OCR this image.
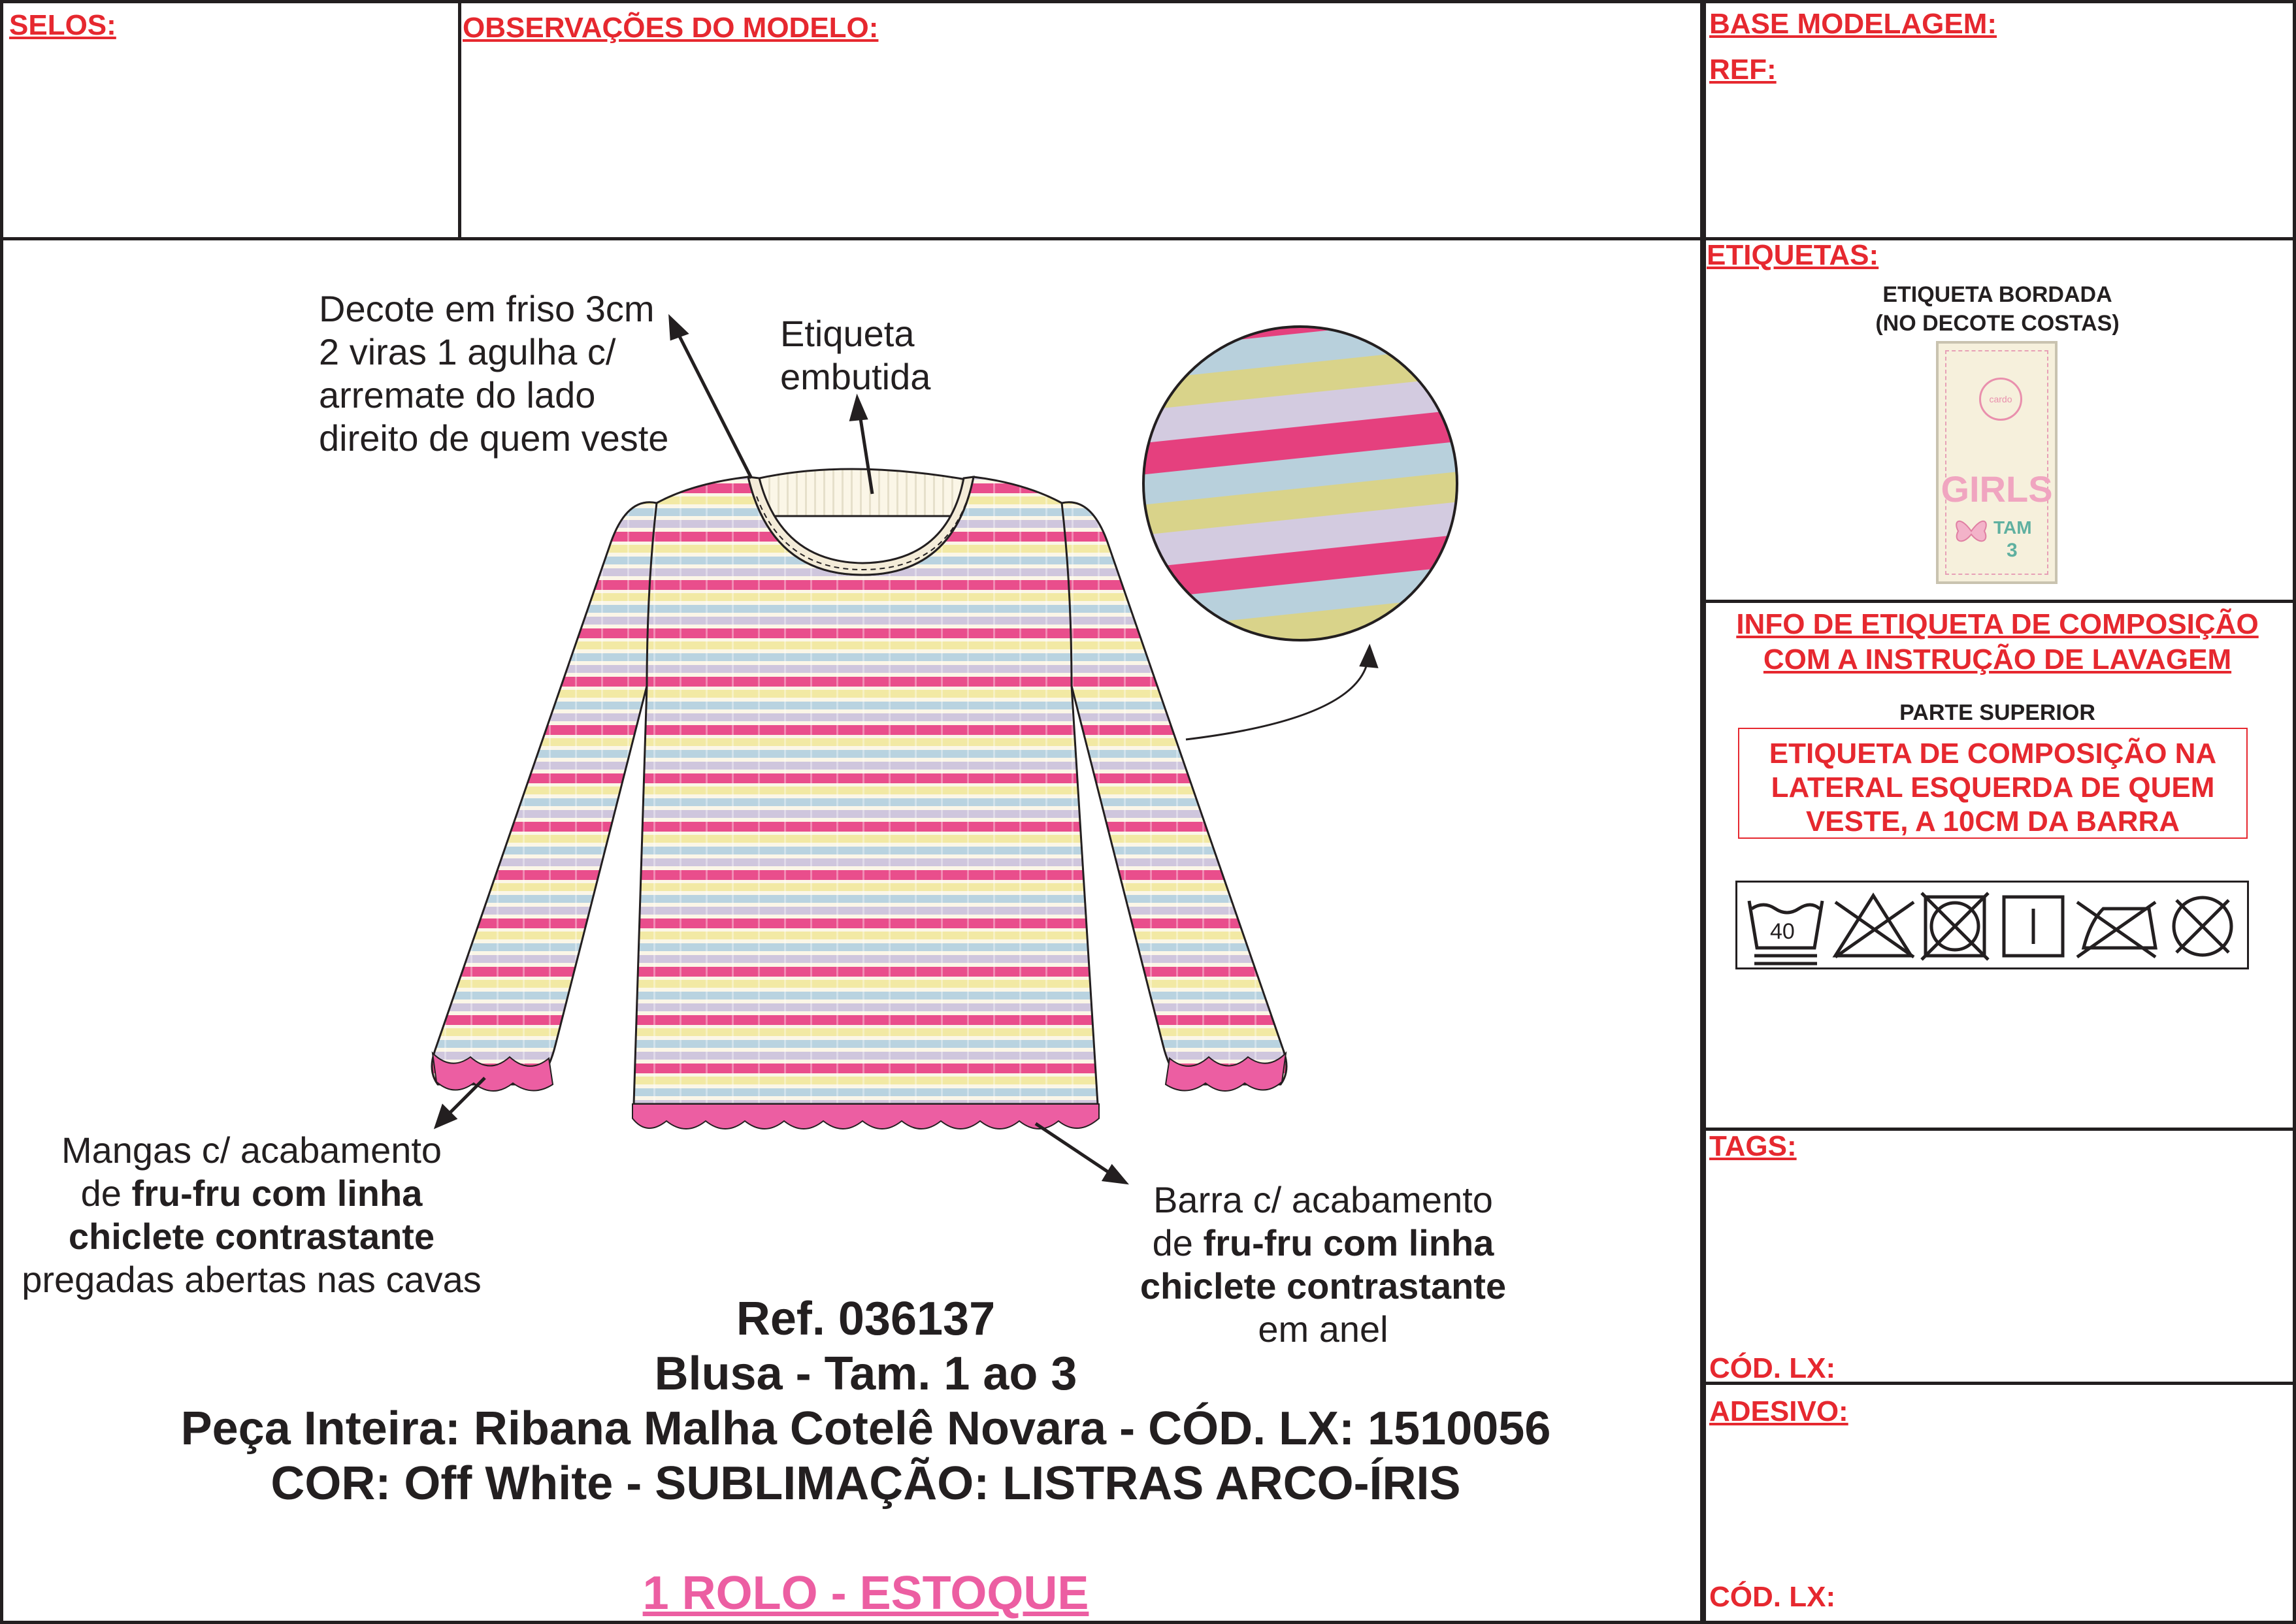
SELOS:	OBSERVAÇÕES DO MODELO:	BASE MODELAGEM:
REF:
ETIQUETAS:
TAGS:
CÓD. LX:
ADESIVO:
CÓD. LX:
ETIQUETA BORDADA
(NO DECOTE COSTAS)
cardo
GIRLS
TAM
3
INFO DE ETIQUETA DE COMPOSIÇÃO
COM A INSTRUÇÃO DE LAVAGEM
PARTE SUPERIOR
ETIQUETA DE COMPOSIÇÃO NA
LATERAL ESQUERDA DE QUEM
VESTE, A 10CM DA BARRA
40
Decote em friso 3cm
2 viras 1 agulha c/
arremate do lado
direito de quem veste
Etiqueta
embutida
Mangas c/ acabamento
de fru-fru com linha
chiclete contrastante
pregadas abertas nas cavas
Barra c/ acabamento
de fru-fru com linha
chiclete contrastante
em anel
Ref. 036137
Blusa - Tam. 1 ao 3
Peça Inteira: Ribana Malha Cotelê Novara - CÓD. LX: 1510056
COR: Off White - SUBLIMAÇÃO: LISTRAS ARCO-ÍRIS
1 ROLO - ESTOQUE
